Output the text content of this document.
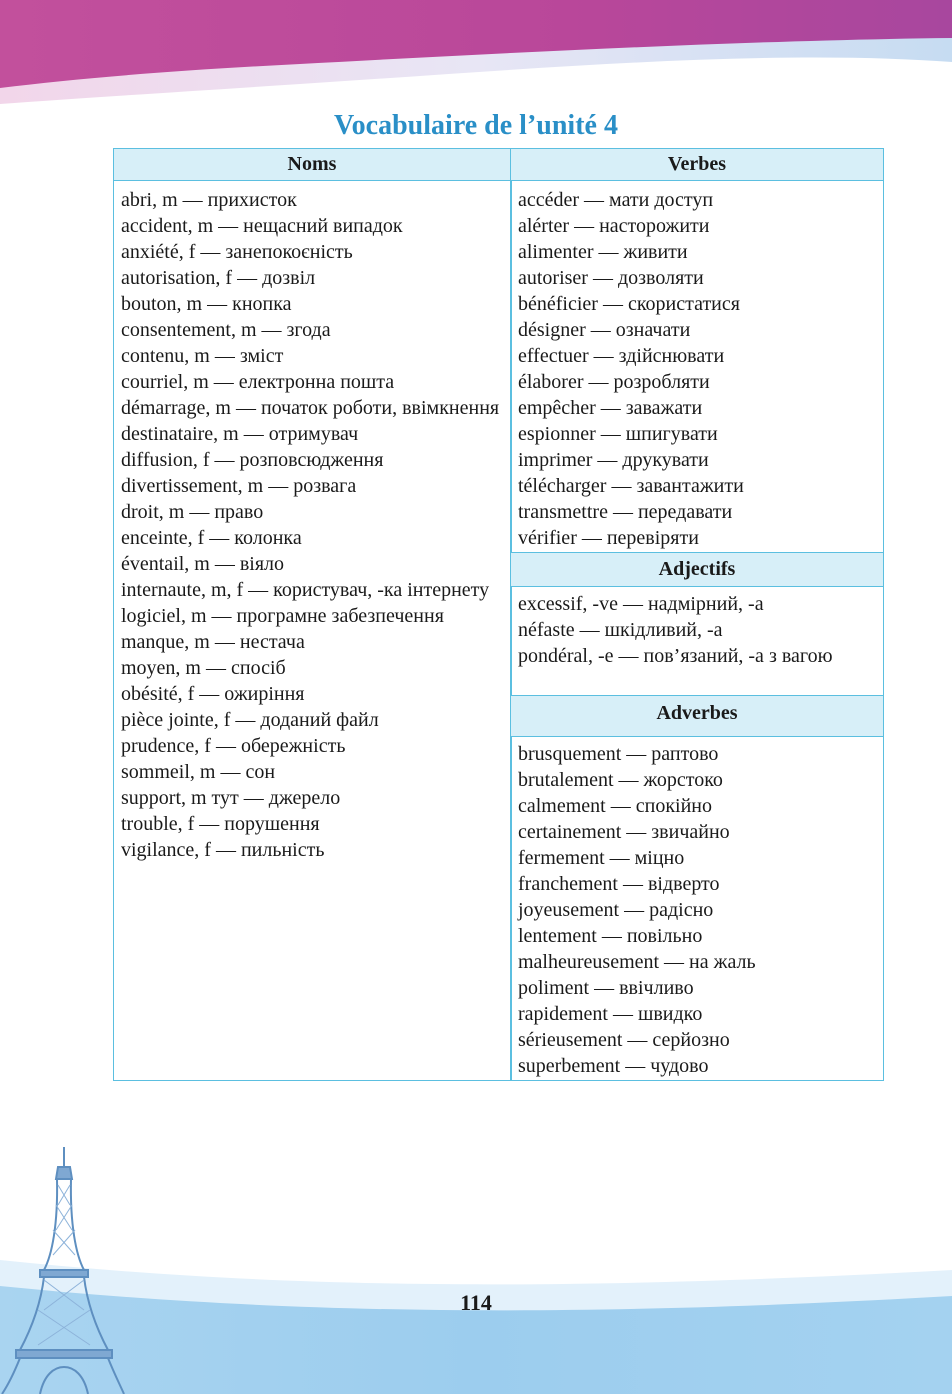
Vocabulaire de l’unité 4
Noms	Verbes
abri, m — прихисток
accident, m — нещасний випадок
anxiété, f — занепокоєність
autorisation, f — дозвіл
bouton, m — кнопка
consentement, m — згода
contenu, m — зміст
courriel, m — електронна пошта
démarrage, m — початок роботи, ввімкнення
destinataire, m — отримувач
diffusion, f — розповсюдження
divertissement, m — розвага
droit, m — право
enceinte, f — колонка
éventail, m — віяло
internaute, m, f — користувач, -ка інтернету
logiciel, m — програмне забезпечення
manque, m — нестача
moyen, m — спосіб
obésité, f — ожиріння
pièce jointe, f — доданий файл
prudence, f — обережність
sommeil, m — сон
support, m тут — джерело
trouble, f — порушення
vigilance, f — пильність
accéder — мати доступ
alérter — насторожити
alimenter — живити
autoriser — дозволяти
bénéficier — скористатися
désigner — означати
effectuer — здійснювати
élaborer — розробляти
empêcher — заважати
espionner — шпигувати
imprimer — друкувати
télécharger — завантажити
transmettre — передавати
vérifier — перевіряти
Adjectifs
excessif, -ve — надмірний, -а
néfaste — шкідливий, -а
pondéral, -e — пов’язаний, -а з вагою
Adverbes
brusquement — раптово
brutalement — жорстоко
calmement — спокійно
certainement — звичайно
fermement — міцно
franchement — відверто
joyeusement — радісно
lentement — повільно
malheureusement — на жаль
poliment — ввічливо
rapidement — швидко
sérieusement — серйозно
superbement — чудово
114
